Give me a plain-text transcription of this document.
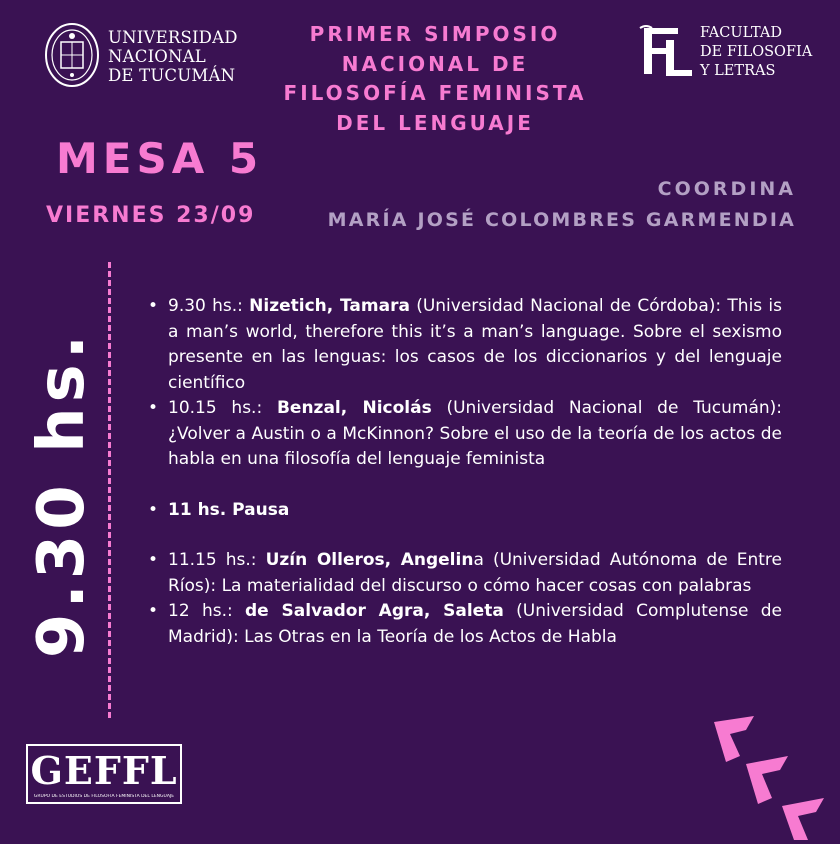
UNIVERSIDAD
NACIONAL
DE TUCUMÁN
PRIMER SIMPOSIO
NACIONAL DE
FILOSOFÍA FEMINISTA
DEL LENGUAJE
FACULTAD
DE FILOSOFIA
Y LETRAS
MESA 5
VIERNES 23/09
COORDINA
MARÍA JOSÉ COLOMBRES GARMENDIA
9.30 hs.
• 9.30 hs.: Nizetich, Tamara (Universidad Nacional de Córdoba): This is a man’s world, therefore this it’s a man’s language. Sobre el sexismo presente en las lenguas: los casos de los diccionarios y del lenguaje científico
• 10.15 hs.: Benzal, Nicolás (Universidad Nacional de Tucumán): ¿Volver a Austin o a McKinnon? Sobre el uso de la teoría de los actos de habla en una filosofía del lenguaje feminista
• 11 hs. Pausa
• 11.15 hs.: Uzín Olleros, Angelina (Universidad Autónoma de Entre Ríos): La materialidad del discurso o cómo hacer cosas con palabras
• 12 hs.: de Salvador Agra, Saleta (Universidad Complutense de Madrid): Las Otras en la Teoría de los Actos de Habla
GEFFL
GRUPO DE ESTUDIOS DE FILOSOFÍA FEMINISTA DEL LENGUAJE
